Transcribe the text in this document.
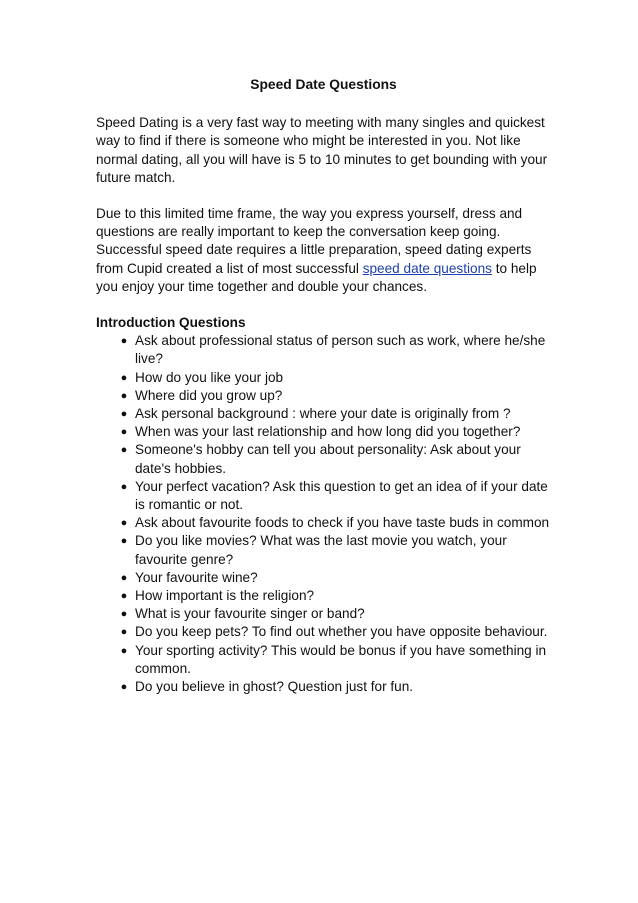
Speed Date Questions

Speed Dating is a very fast way to meeting with many singles and quickest way to find if there is someone who might be interested in you. Not like normal dating, all you will have is 5 to 10 minutes to get bounding with your future match.

Due to this limited time frame, the way you express yourself, dress and questions are really important to keep the conversation keep going. Successful speed date requires a little preparation, speed dating experts from Cupid created a list of most successful speed date questions to help you enjoy your time together and double your chances.

Introduction Questions
● Ask about professional status of person such as work, where he/she live?
● How do you like your job
● Where did you grow up?
● Ask personal background : where your date is originally from ?
● When was your last relationship and how long did you together?
● Someone's hobby can tell you about personality: Ask about your date's hobbies.
● Your perfect vacation? Ask this question to get an idea of if your date is romantic or not.
● Ask about favourite foods to check if you have taste buds in common
● Do you like movies? What was the last movie you watch, your favourite genre?
● Your favourite wine?
● How important is the religion?
● What is your favourite singer or band?
● Do you keep pets? To find out whether you have opposite behaviour.
● Your sporting activity? This would be bonus if you have something in common.
● Do you believe in ghost? Question just for fun.
